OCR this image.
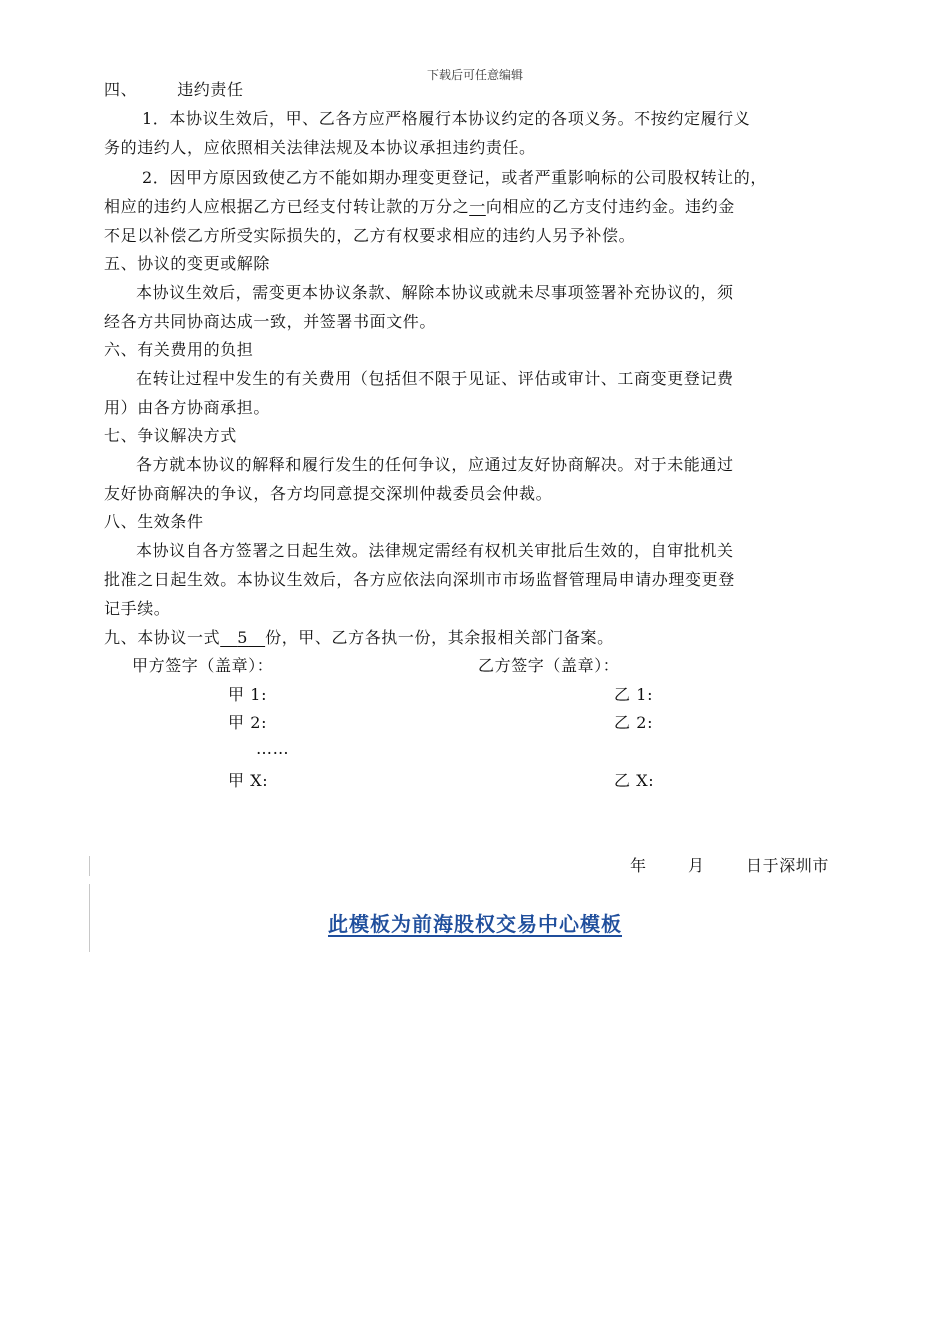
下载后可任意编辑
四、	违约责任
1．本协议生效后，甲、乙各方应严格履行本协议约定的各项义务。不按约定履行义
务的违约人，应依照相关法律法规及本协议承担违约责任。
2．因甲方原因致使乙方不能如期办理变更登记，或者严重影响标的公司股权转让的，
相应的违约人应根据乙方已经支付转让款的万分之一向相应的乙方支付违约金。违约金
不足以补偿乙方所受实际损失的，乙方有权要求相应的违约人另予补偿。
五、协议的变更或解除
本协议生效后，需变更本协议条款、解除本协议或就未尽事项签署补充协议的，须
经各方共同协商达成一致，并签署书面文件。
六、有关费用的负担
在转让过程中发生的有关费用（包括但不限于见证、评估或审计、工商变更登记费
用）由各方协商承担。
七、争议解决方式
各方就本协议的解释和履行发生的任何争议，应通过友好协商解决。对于未能通过
友好协商解决的争议，各方均同意提交深圳仲裁委员会仲裁。
八、生效条件
本协议自各方签署之日起生效。法律规定需经有权机关审批后生效的，自审批机关
批准之日起生效。本协议生效后，各方应依法向深圳市市场监督管理局申请办理变更登
记手续。
九、本协议一式 5 份，甲、乙方各执一份，其余报相关部门备案。
甲方签字（盖章）：	乙方签字（盖章）：
甲 1:	乙 1:
甲 2:	乙 2:
……
甲 X:	乙 X:
年	月	日于深圳市
此模板为前海股权交易中心模板
